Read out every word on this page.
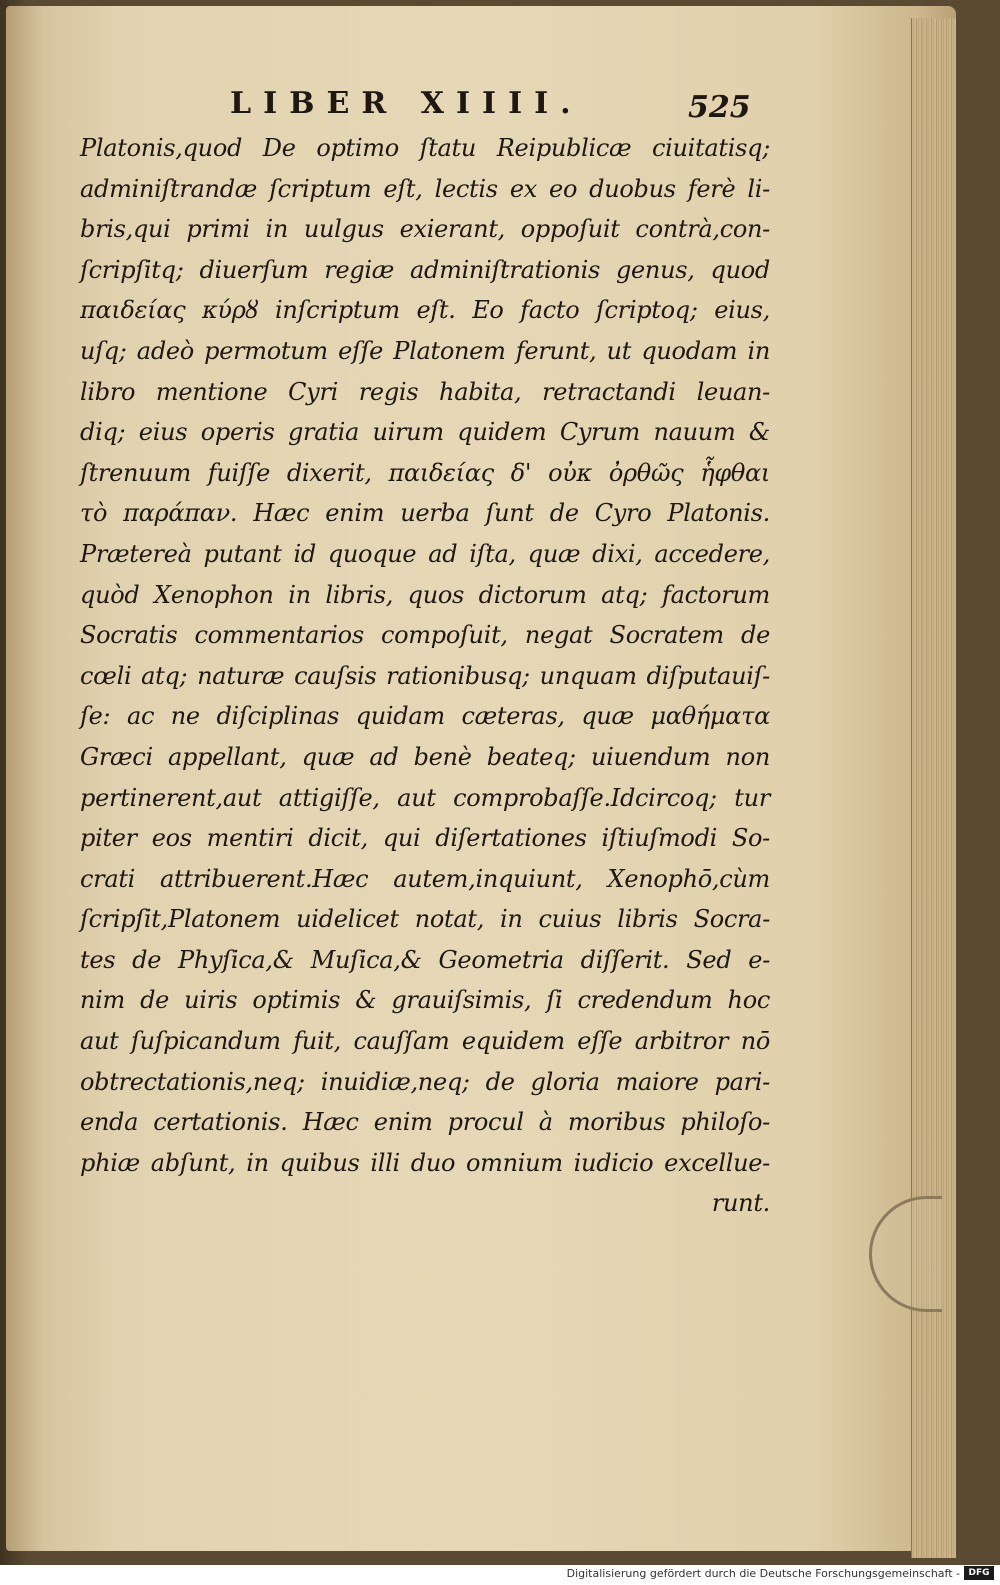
LIBER XIIII.	525
Platonis,quod De optimo ſtatu Reipublicæ ciuitatisq;
adminiſtrandæ ſcriptum eſt, lectis ex eo duobus ferè li-
bris,qui primi in uulgus exierant, oppoſuit contrà,con-
ſcripſitq; diuerſum regiæ adminiſtrationis genus, quod
παιδείας κύρȣ inſcriptum eſt. Eo facto ſcriptoq; eius,
uſq; adeò permotum eſſe Platonem ferunt, ut quodam in
libro mentione Cyri regis habita, retractandi leuan-
diq; eius operis gratia uirum quidem Cyrum nauum &
ſtrenuum fuiſſe dixerit, παιδείας δ' οὐκ ὀρθῶς ἧφθαι
τὸ παράπαν. Hæc enim uerba ſunt de Cyro Platonis.
Prætereà putant id quoque ad iſta, quæ dixi, accedere,
quòd Xenophon in libris, quos dictorum atq; factorum
Socratis commentarios compoſuit, negat Socratem de
cœli atq; naturæ cauſsis rationibusq; unquam diſputauiſ-
ſe: ac ne diſciplinas quidam cæteras, quæ μαθήματα
Græci appellant, quæ ad benè beateq; uiuendum non
pertinerent,aut attigiſſe, aut comprobaſſe.Idcircoq; tur
piter eos mentiri dicit, qui diſertationes iſtiuſmodi So-
crati attribuerent.Hæc autem,inquiunt, Xenophō,cùm
ſcripſit,Platonem uidelicet notat, in cuius libris Socra-
tes de Phyſica,& Muſica,& Geometria diſſerit. Sed e-
nim de uiris optimis & grauiſsimis, ſi credendum hoc
aut ſuſpicandum fuit, cauſſam equidem eſſe arbitror nō
obtrectationis,neq; inuidiæ,neq; de gloria maiore pari-
enda certationis. Hæc enim procul à moribus philoſo-
phiæ abſunt, in quibus illi duo omnium iudicio excellue-
runt.
Digitalisierung gefördert durch die Deutsche Forschungsgemeinschaft - DFG
